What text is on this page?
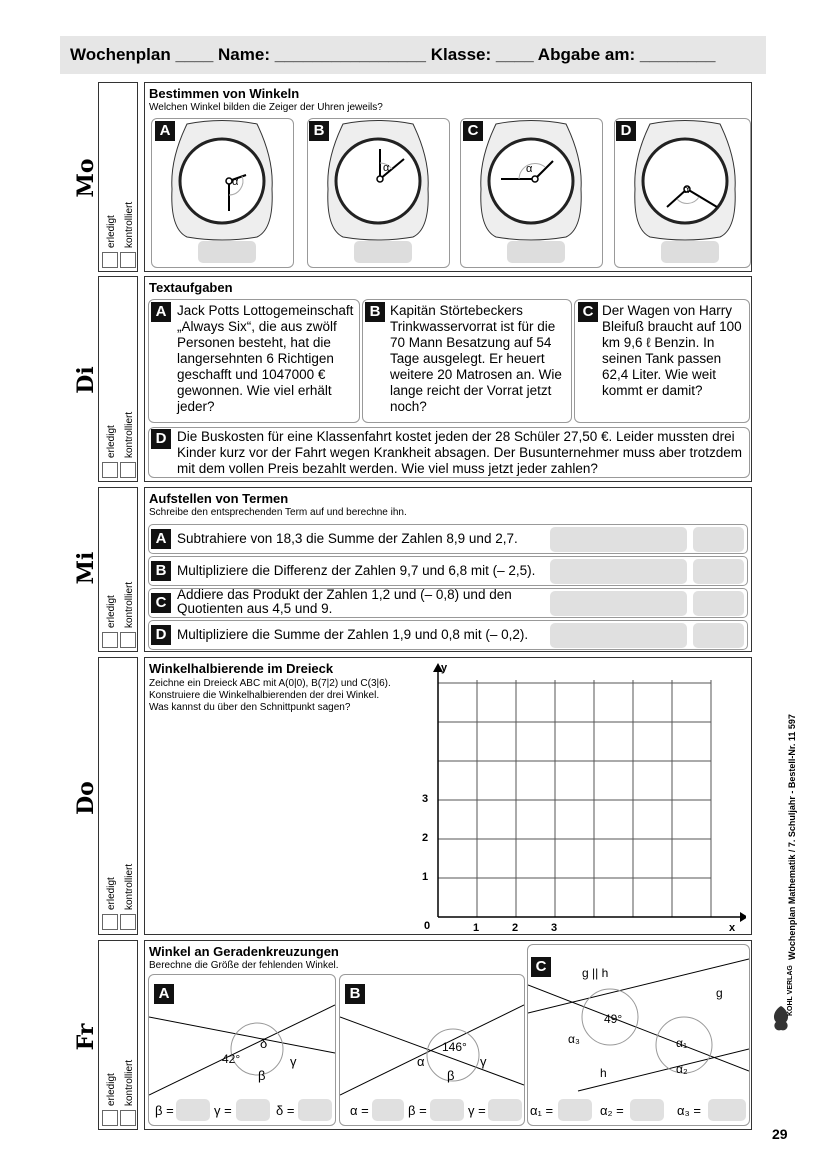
Wochenplan ____ Name: ________________ Klasse: ____ Abgabe am: ________
Mo
erledigt kontrolliert
Bestimmen von Winkeln
Welchen Winkel bilden die Zeiger der Uhren jeweils?
α
A
α
B
α
C
α
D
Di
erledigt kontrolliert
Textaufgaben
A Jack Potts Lottogemeinschaft „Always Six“, die aus zwölf Personen besteht, hat die langersehnten 6 Richtigen geschafft und 1047000 € gewonnen. Wie viel erhält jeder?
B Kapitän Störtebeckers Trinkwasservorrat ist für die 70 Mann Besatzung auf 54 Tage ausgelegt. Er heuert weitere 20 Matrosen an. Wie lange reicht der Vorrat jetzt noch?
C Der Wagen von Harry Bleifuß braucht auf 100 km 9,6 ℓ Benzin. In seinen Tank passen 62,4 Liter. Wie weit kommt er damit?
D Die Buskosten für eine Klassenfahrt kostet jeden der 28 Schüler 27,50 €. Leider mussten drei Kinder kurz vor der Fahrt wegen Krankheit absagen. Der Busunternehmer muss aber trotzdem mit dem vollen Preis bezahlt werden. Wie viel muss jetzt jeder zahlen?
Mi
erledigt kontrolliert
Aufstellen von Termen
Schreibe den entsprechenden Term auf und berechne ihn.
A Subtrahiere von 18,3 die Summe der Zahlen 8,9 und 2,7.
B Multipliziere die Differenz der Zahlen 9,7 und 6,8 mit (– 2,5).
C Addiere das Produkt der Zahlen 1,2 und (– 0,8) und den Quotienten aus 4,5 und 9.
D Multipliziere die Summe der Zahlen 1,9 und 0,8 mit (– 0,2).
Do
erledigt kontrolliert
Winkelhalbierende im Dreieck
Zeichne ein Dreieck ABC mit A(0|0), B(7|2) und C(3|6).
Konstruiere die Winkelhalbierenden der drei Winkel.
Was kannst du über den Schnittpunkt sagen?
y
x
0	1	2	3
1
2
3
Fr
erledigt kontrolliert
Winkel an Geradenkreuzungen
Berechne die Größe der fehlenden Winkel.
A
42°
δ
γ
β
β =	γ =	δ =
B
146°
α	γ
β
α =	β =	γ =
C	g || h
g
h
49°
α₃	α₁
α₂
α₁ =	α₂ =	α₃ =
Wochenplan Mathematik / 7. Schuljahr - Bestell-Nr. 11 597
KOHL VERLAG
29
